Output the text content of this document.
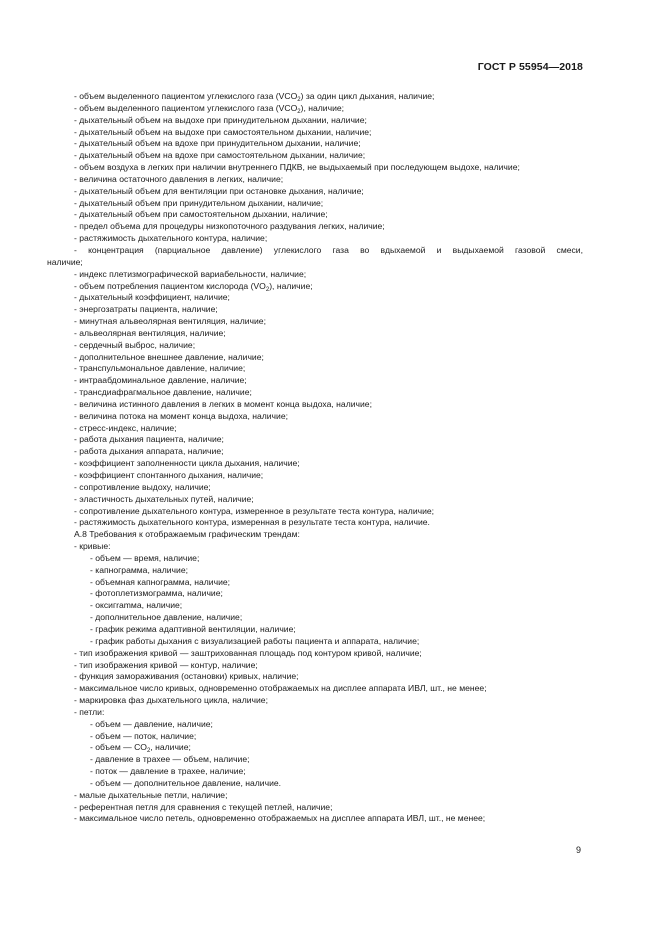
ГОСТ Р 55954—2018
- объем выделенного пациентом углекислого газа $(VCO_2)$ за один цикл дыхания, наличие;
- объем выделенного пациентом углекислого газа $(VCO_2)$, наличие;
- дыхательный объем на выдохе при принудительном дыхании, наличие;
- дыхательный объем на выдохе при самостоятельном дыхании, наличие;
- дыхательный объем на вдохе при принудительном дыхании, наличие;
- дыхательный объем на вдохе при самостоятельном дыхании, наличие;
- объем воздуха в легких при наличии внутреннего ПДКВ, не выдыхаемый при последующем выдохе, наличие;
- величина остаточного давления в легких, наличие;
- дыхательный объем для вентиляции при остановке дыхания, наличие;
- дыхательный объем при принудительном дыхании, наличие;
- дыхательный объем при самостоятельном дыхании, наличие;
- предел объема для процедуры низкопоточного раздувания легких, наличие;
- растяжимость дыхательного контура, наличие;
- концентрация (парциальное давление) углекислого газа во вдыхаемой и выдыхаемой газовой смеси,
наличие;
- индекс плетизмографической вариабельности, наличие;
- объем потребления пациентом кислорода $(VO_2)$, наличие;
- дыхательный коэффициент, наличие;
- энергозатраты пациента, наличие;
- минутная альвеолярная вентиляция, наличие;
- альвеолярная вентиляция, наличие;
- сердечный выброс, наличие;
- дополнительное внешнее давление, наличие;
- транспульмональное давление, наличие;
- интраабдоминальное давление, наличие;
- трансдиафрагмальное давление, наличие;
- величина истинного давления в легких в момент конца выдоха, наличие;
- величина потока на момент конца выдоха, наличие;
- стресс-индекс, наличие;
- работа дыхания пациента, наличие;
- работа дыхания аппарата, наличие;
- коэффициент заполненности цикла дыхания, наличие;
- коэффициент спонтанного дыхания, наличие;
- сопротивление выдоху, наличие;
- эластичность дыхательных путей, наличие;
- сопротивление дыхательного контура, измеренное в результате теста контура, наличие;
- растяжимость дыхательного контура, измеренная в результате теста контура, наличие.
А.8 Требования к отображаемым графическим трендам:
- кривые:
- объем — время, наличие;
- капнограмма, наличие;
- объемная капнограмма, наличие;
- фотоплетизмограмма, наличие;
- оксигramма, наличие;
- дополнительное давление, наличие;
- график режима адаптивной вентиляции, наличие;
- график работы дыхания с визуализацией работы пациента и аппарата, наличие;
- тип изображения кривой — заштрихованная площадь под контуром кривой, наличие;
- тип изображения кривой — контур, наличие;
- функция замораживания (остановки) кривых, наличие;
- максимальное число кривых, одновременно отображаемых на дисплее аппарата ИВЛ, шт., не менее;
- маркировка фаз дыхательного цикла, наличие;
- петли:
- объем — давление, наличие;
- объем — поток, наличие;
- объем — $CO_2$, наличие;
- давление в трахее — объем, наличие;
- поток — давление в трахее, наличие;
- объем — дополнительное давление, наличие.
- малые дыхательные петли, наличие;
- референтная петля для сравнения с текущей петлей, наличие;
- максимальное число петель, одновременно отображаемых на дисплее аппарата ИВЛ, шт., не менее;
9
